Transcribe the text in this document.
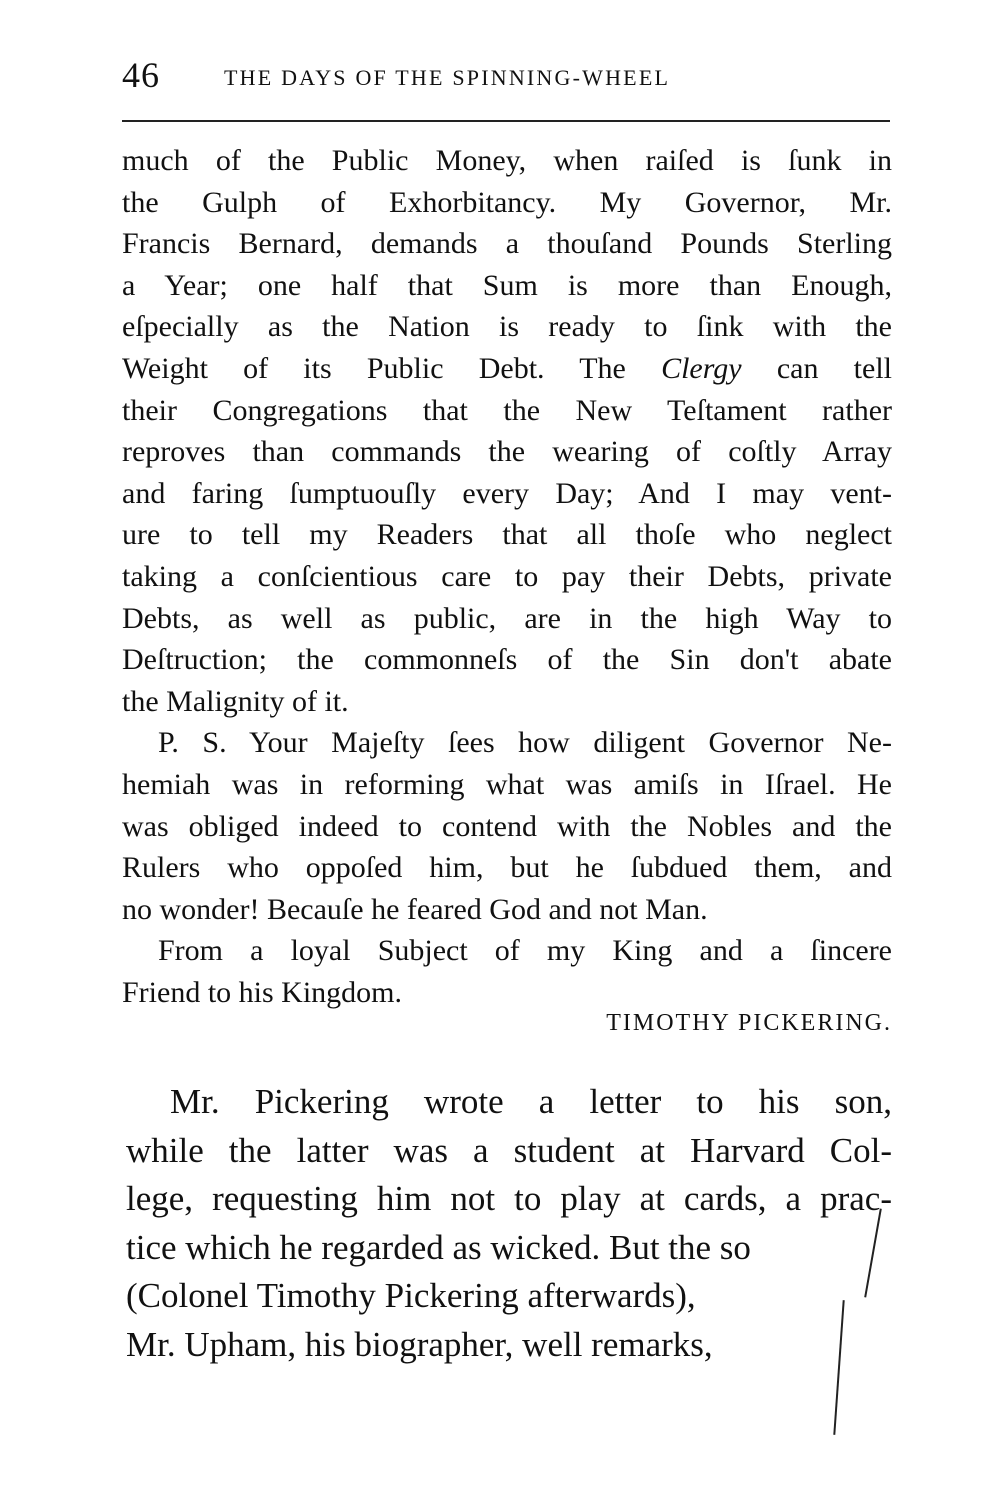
46	THE DAYS OF THE SPINNING-WHEEL
much of the Public Money, when raiſed is ſunk in
the Gulph of Exhorbitancy. My Governor, Mr.
Francis Bernard, demands a thouſand Pounds Sterling
a Year; one half that Sum is more than Enough,
eſpecially as the Nation is ready to ſink with the
Weight of its Public Debt. The Clergy can tell
their Congregations that the New Teſtament rather
reproves than commands the wearing of coſtly Array
and faring ſumptuouſly every Day; And I may vent-
ure to tell my Readers that all thoſe who neglect
taking a conſcientious care to pay their Debts, private
Debts, as well as public, are in the high Way to
Deſtruction; the commonneſs of the Sin don't abate
the Malignity of it.
P. S. Your Majeſty ſees how diligent Governor Ne-
hemiah was in reforming what was amiſs in Iſrael. He
was obliged indeed to contend with the Nobles and the
Rulers who oppoſed him, but he ſubdued them, and
no wonder! Becauſe he feared God and not Man.
From a loyal Subject of my King and a ſincere
Friend to his Kingdom.
TIMOTHY PICKERING.
Mr. Pickering wrote a letter to his son,
while the latter was a student at Harvard Col-
lege, requesting him not to play at cards, a prac-
tice which he regarded as wicked. But the so
(Colonel Timothy Pickering afterwards),
Mr. Upham, his biographer, well remarks,
